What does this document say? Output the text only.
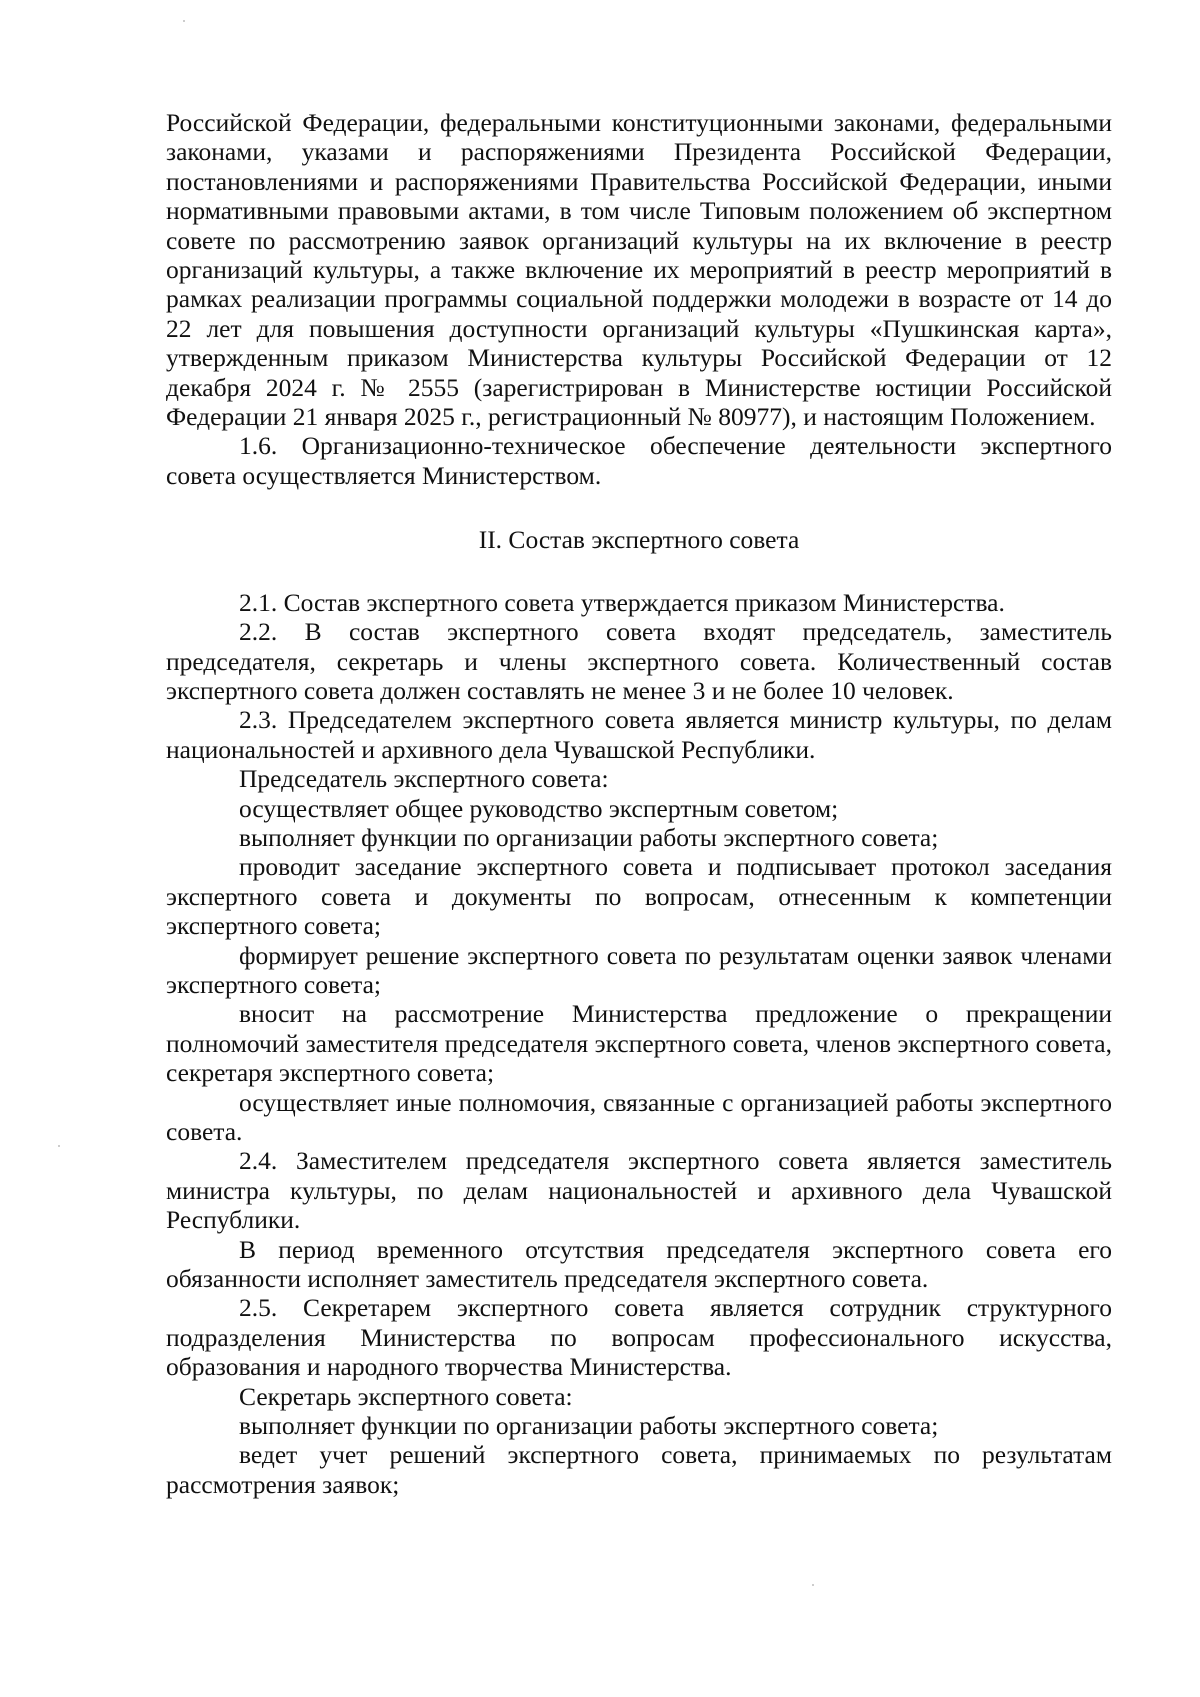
Российской Федерации, федеральными конституционными законами, федеральными законами, указами и распоряжениями Президента Российской Федерации, постановлениями и распоряжениями Правительства Российской Федерации, иными нормативными правовыми актами, в том числе Типовым положением об экспертном совете по рассмотрению заявок организаций культуры на их включение в реестр организаций культуры, а также включение их мероприятий в реестр мероприятий в рамках реализации программы социальной поддержки молодежи в возрасте от 14 до 22 лет для повышения доступности организаций культуры «Пушкинская карта», утвержденным приказом Министерства культуры Российской Федерации от 12 декабря 2024 г. № 2555 (зарегистрирован в Министерстве юстиции Российской Федерации 21 января 2025 г., регистрационный № 80977), и настоящим Положением.

1.6. Организационно-техническое обеспечение деятельности экспертного совета осуществляется Министерством.

II. Состав экспертного совета

2.1. Состав экспертного совета утверждается приказом Министерства.

2.2. В состав экспертного совета входят председатель, заместитель председателя, секретарь и члены экспертного совета. Количественный состав экспертного совета должен составлять не менее 3 и не более 10 человек.

2.3. Председателем экспертного совета является министр культуры, по делам национальностей и архивного дела Чувашской Республики.

Председатель экспертного совета:

осуществляет общее руководство экспертным советом;

выполняет функции по организации работы экспертного совета;

проводит заседание экспертного совета и подписывает протокол заседания экспертного совета и документы по вопросам, отнесенным к компетенции экспертного совета;

формирует решение экспертного совета по результатам оценки заявок членами экспертного совета;

вносит на рассмотрение Министерства предложение о прекращении полномочий заместителя председателя экспертного совета, членов экспертного совета, секретаря экспертного совета;

осуществляет иные полномочия, связанные с организацией работы экспертного совета.

2.4. Заместителем председателя экспертного совета является заместитель министра культуры, по делам национальностей и архивного дела Чувашской Республики.

В период временного отсутствия председателя экспертного совета его обязанности исполняет заместитель председателя экспертного совета.

2.5. Секретарем экспертного совета является сотрудник структурного подразделения Министерства по вопросам профессионального искусства, образования и народного творчества Министерства.

Секретарь экспертного совета:

выполняет функции по организации работы экспертного совета;

ведет учет решений экспертного совета, принимаемых по результатам рассмотрения заявок;
